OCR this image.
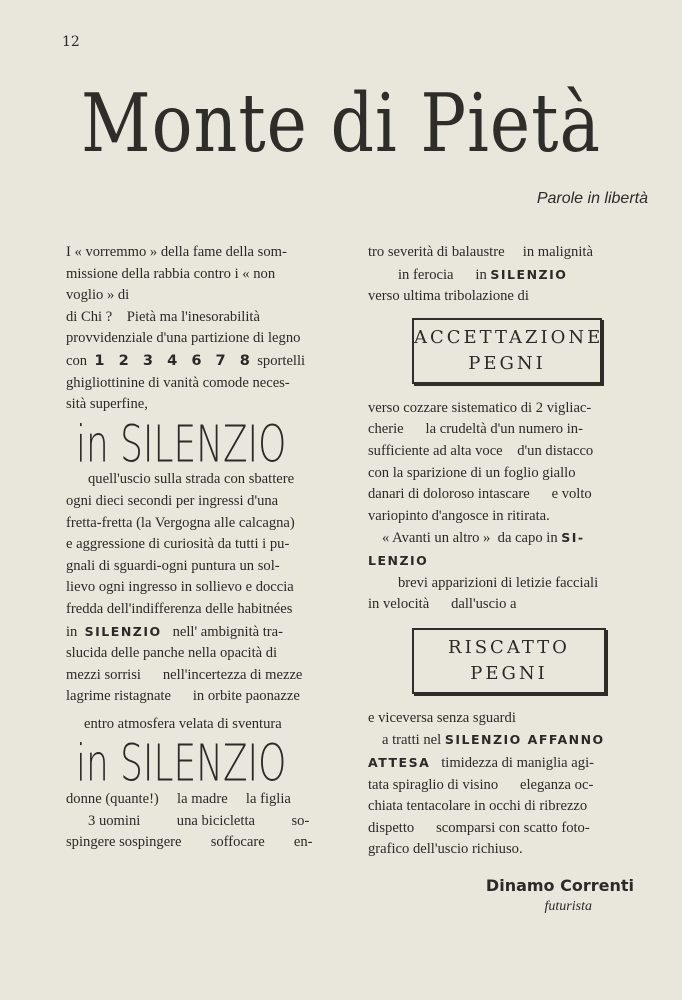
12
Monte di Pietà
Parole in libertà
I « vorremmo » della fame della som-
missione della rabbia contro i « non
voglio » di
di Chi ?    Pietà ma l'inesorabilità
provvidenziale d'una partizione di legno
con 1 2 3 4 6 7 8 sportelli
ghigliottinine di vanità comode neces-
sità superfine,
in SILENZIO
quell'uscio sulla strada con sbattere
ogni dieci secondi per ingressi d'una
fretta-fretta (la Vergogna alle calcagna)
e aggressione di curiosità da tutti i pu-
gnali di sguardi-ogni puntura un sol-
lievo ogni ingresso in sollievo e doccia
fredda dell'indifferenza delle habitnées
in SILENZIO nell' ambignità tra-
slucida delle panche nella opacità di
mezzi sorrisi      nell'incertezza di mezze
lagrime ristagnate      in orbite paonazze
entro atmosfera velata di sventura
in SILENZIO
donne (quante!)     la madre     la figlia
3 uomini          una bicicletta          so-
spingere sospingere        soffocare        en-
tro severità di balaustre     in malignità
in ferocia      in SILENZIO
verso ultima tribolazione di
ACCETTAZIONE
PEGNI
verso cozzare sistematico di 2 vigliac-
cherie      la crudeltà d'un numero in-
sufficiente ad alta voce    d'un distacco
con la sparizione di un foglio giallo
danari di doloroso intascare      e volto
variopinto d'angosce in ritirata.
« Avanti un altro »  da capo in SI-
LENZIO
brevi apparizioni di letizie facciali
in velocità      dall'uscio a
RISCATTO
PEGNI
e viceversa senza sguardi
a tratti nel SILENZIO AFFANNO
ATTESA timidezza di maniglia agi-
tata spiraglio di visino      eleganza oc-
chiata tentacolare in occhi di ribrezzo
dispetto      scomparsi con scatto foto-
grafico dell'uscio richiuso.
Dinamo Correnti
futurista
